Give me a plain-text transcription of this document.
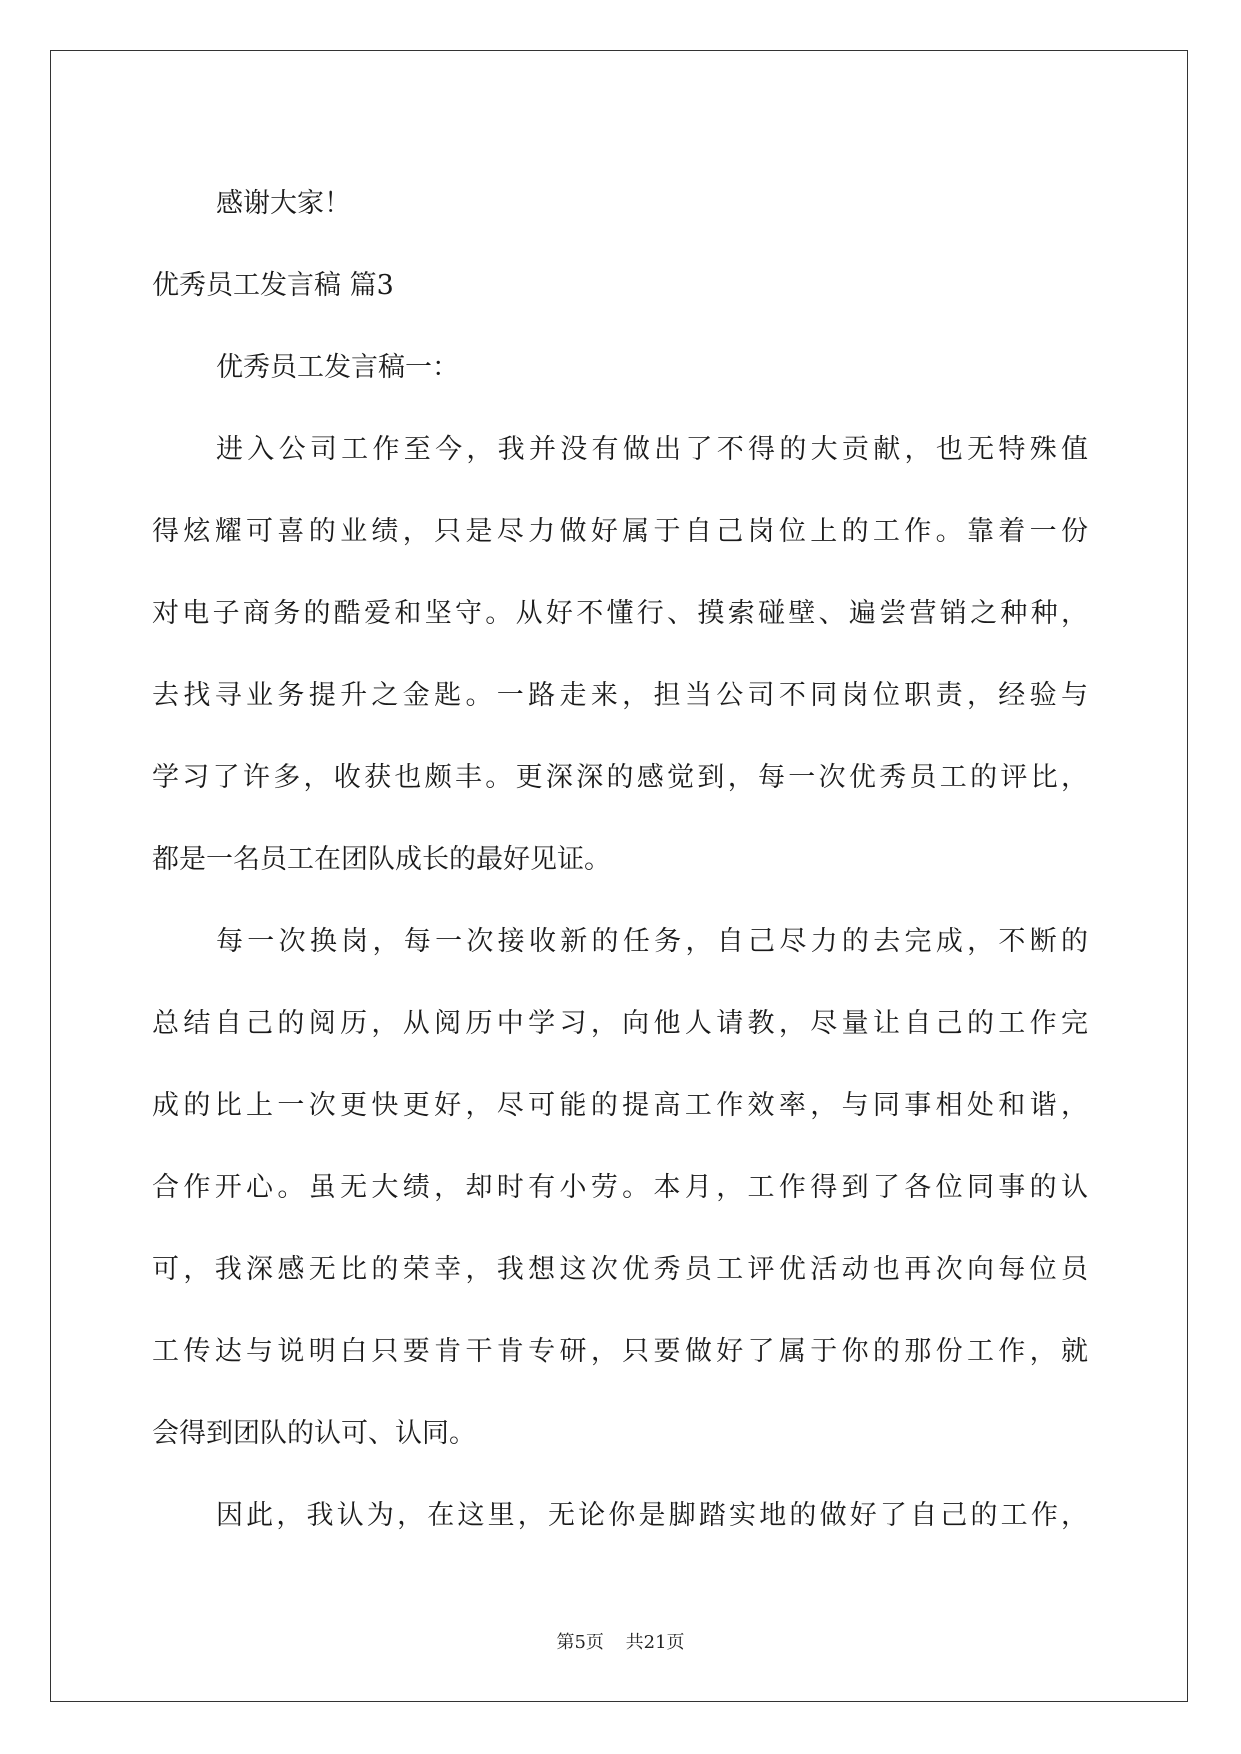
感谢大家！
优秀员工发言稿 篇3
优秀员工发言稿一：
进入公司工作至今，我并没有做出了不得的大贡献，也无特殊值
得炫耀可喜的业绩，只是尽力做好属于自己岗位上的工作。靠着一份
对电子商务的酷爱和坚守。从好不懂行、摸索碰壁、遍尝营销之种种，
去找寻业务提升之金匙。一路走来，担当公司不同岗位职责，经验与
学习了许多，收获也颇丰。更深深的感觉到，每一次优秀员工的评比，
都是一名员工在团队成长的最好见证。
每一次换岗，每一次接收新的任务，自己尽力的去完成，不断的
总结自己的阅历，从阅历中学习，向他人请教，尽量让自己的工作完
成的比上一次更快更好，尽可能的提高工作效率，与同事相处和谐，
合作开心。虽无大绩，却时有小劳。本月，工作得到了各位同事的认
可，我深感无比的荣幸，我想这次优秀员工评优活动也再次向每位员
工传达与说明白只要肯干肯专研，只要做好了属于你的那份工作，就
会得到团队的认可、认同。
因此，我认为，在这里，无论你是脚踏实地的做好了自己的工作，
第5页 共21页
